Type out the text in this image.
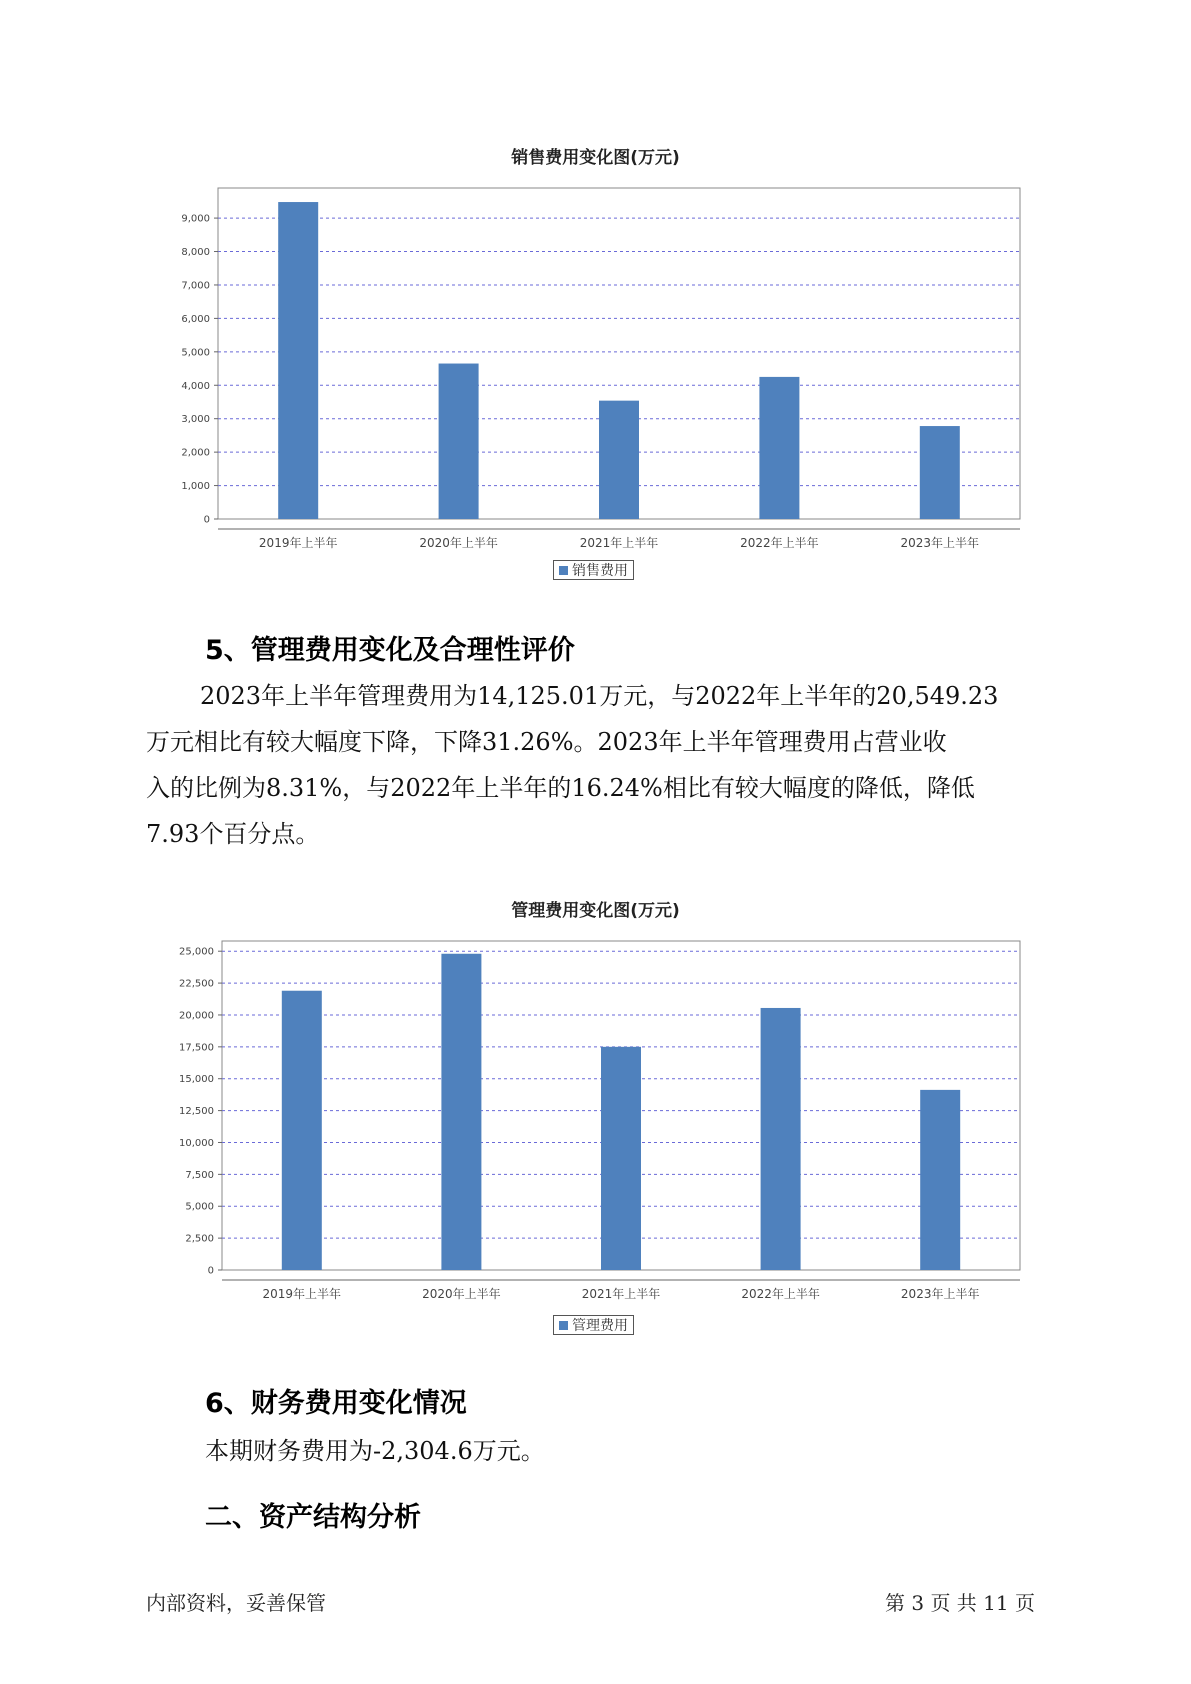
销售费用变化图(万元)
0
1,000
2,000
3,000
4,000
5,000
6,000
7,000
8,000
9,000
2019年上半年	2020年上半年	2021年上半年	2022年上半年	2023年上半年
销售费用
5、管理费用变化及合理性评价
2023年上半年管理费用为14,125.01万元，与2022年上半年的20,549.23
万元相比有较大幅度下降，下降31.26%。2023年上半年管理费用占营业收
入的比例为8.31%，与2022年上半年的16.24%相比有较大幅度的降低，降低
7.93个百分点。
管理费用变化图(万元)
0
2,500
5,000
7,500
10,000
12,500
15,000
17,500
20,000
22,500
25,000
2019年上半年	2020年上半年	2021年上半年	2022年上半年	2023年上半年
管理费用
6、财务费用变化情况
本期财务费用为-2,304.6万元。
二、资产结构分析
内部资料，妥善保管	第 3 页 共 11 页
